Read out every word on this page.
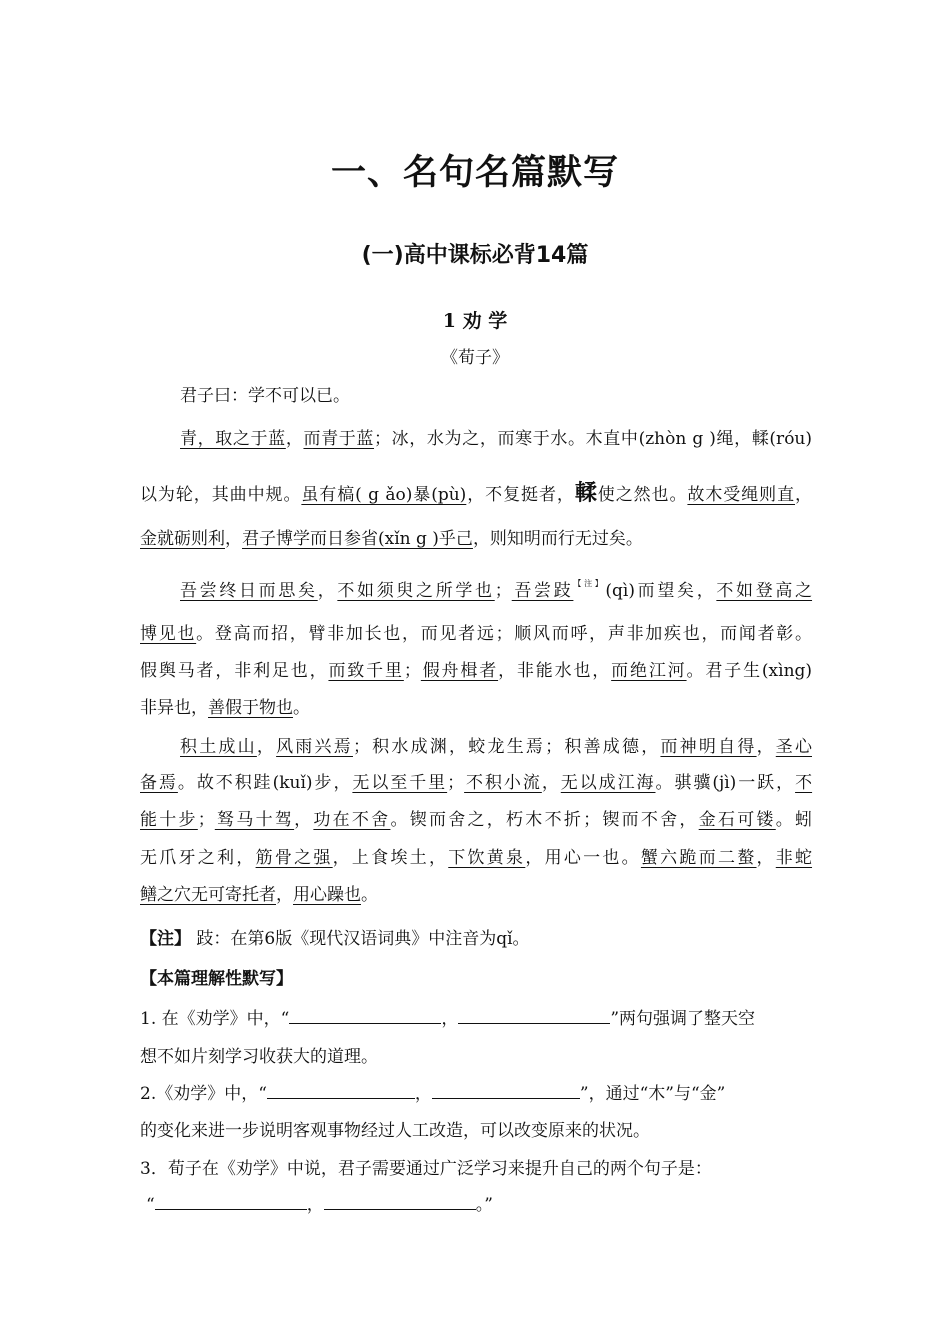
一、名句名篇默写
(一)高中课标必背14篇
1 劝 学
《荀子》
君子曰：学不可以已。
青，取之于蓝，而青于蓝；冰，水为之，而寒于水。木直中(zhòn g )绳，輮(róu)
以为轮，其曲中规。虽有槁( g ǎo)暴(pù)，不复挺者，輮使之然也。故木受绳则直，
金就砺则利，君子博学而日参省(xǐn g )乎己，则知明而行无过矣。
吾尝终日而思矣，不如须臾之所学也；吾尝跂$^{【注】}$(qì)而望矣，不如登高之
博见也。登高而招，臂非加长也，而见者远；顺风而呼，声非加疾也，而闻者彰。
假舆马者，非利足也，而致千里；假舟楫者，非能水也，而绝江河。君子生(xìng)
非异也，善假于物也。
积土成山，风雨兴焉；积水成渊，蛟龙生焉；积善成德，而神明自得，圣心
备焉。故不积跬(kuǐ)步，无以至千里；不积小流，无以成江海。骐骥(jì)一跃，不
能十步；驽马十驾，功在不舍。锲而舍之，朽木不折；锲而不舍，金石可镂。蚓
无爪牙之利，筋骨之强，上食埃土，下饮黄泉，用心一也。蟹六跪而二螯，非蛇
鳝之穴无可寄托者，用心躁也。
【注】 跂：在第6版《现代汉语词典》中注音为qǐ。
【本篇理解性默写】
1. 在《劝学》中，“	，	”两句强调了整天空
想不如片刻学习收获大的道理。
2.《劝学》中，“	，	”，通过“木”与“金”
的变化来进一步说明客观事物经过人工改造，可以改变原来的状况。
3．荀子在《劝学》中说，君子需要通过广泛学习来提升自己的两个句子是：
“	，	。”
